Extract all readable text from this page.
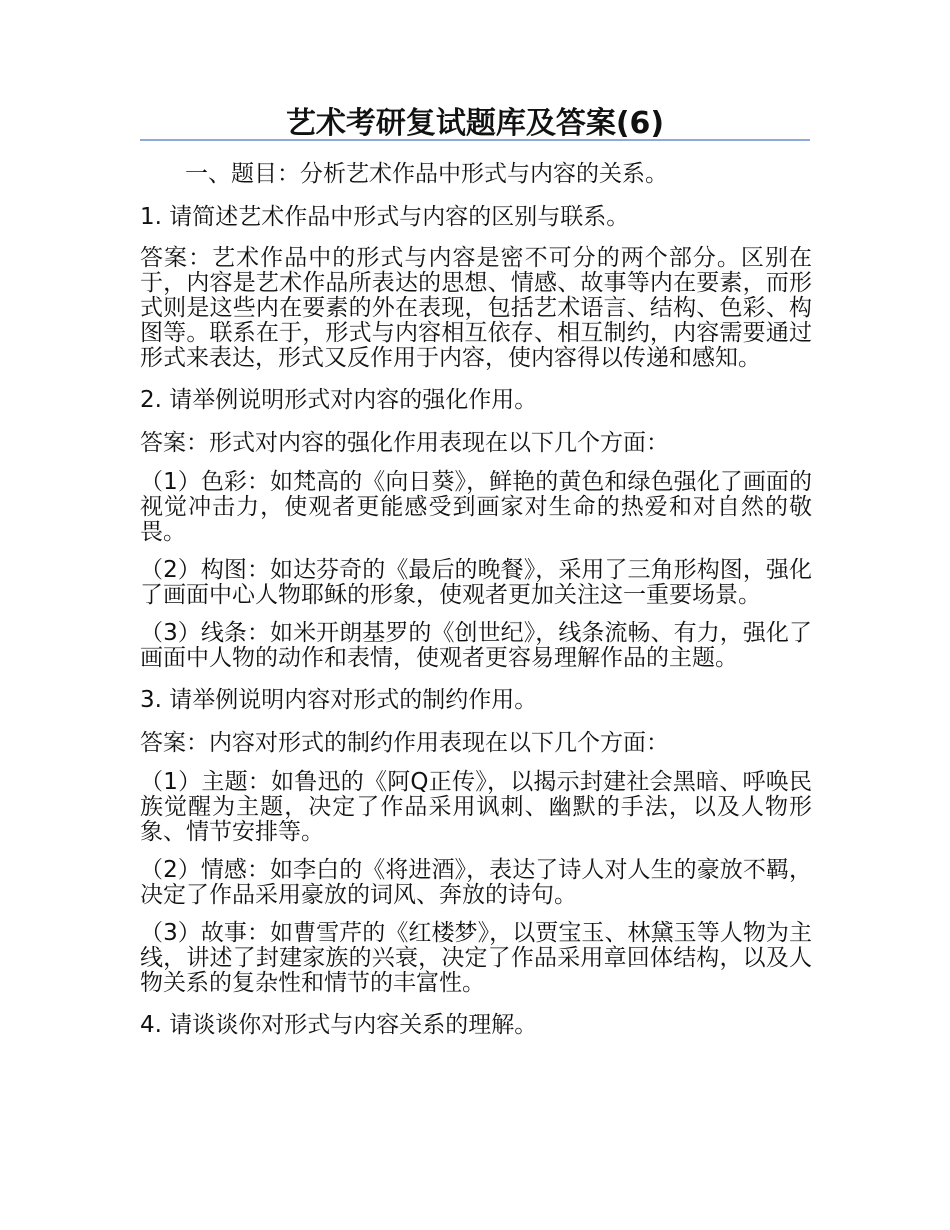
艺术考研复试题库及答案(6)

一、题目：分析艺术作品中形式与内容的关系。

1. 请简述艺术作品中形式与内容的区别与联系。

答案：艺术作品中的形式与内容是密不可分的两个部分。区别在于，内容是艺术作品所表达的思想、情感、故事等内在要素，而形式则是这些内在要素的外在表现，包括艺术语言、结构、色彩、构图等。联系在于，形式与内容相互依存、相互制约，内容需要通过形式来表达，形式又反作用于内容，使内容得以传递和感知。

2. 请举例说明形式对内容的强化作用。

答案：形式对内容的强化作用表现在以下几个方面：

（1）色彩：如梵高的《向日葵》，鲜艳的黄色和绿色强化了画面的视觉冲击力，使观者更能感受到画家对生命的热爱和对自然的敬畏。

（2）构图：如达芬奇的《最后的晚餐》，采用了三角形构图，强化了画面中心人物耶稣的形象，使观者更加关注这一重要场景。

（3）线条：如米开朗基罗的《创世纪》，线条流畅、有力，强化了画面中人物的动作和表情，使观者更容易理解作品的主题。

3. 请举例说明内容对形式的制约作用。

答案：内容对形式的制约作用表现在以下几个方面：

（1）主题：如鲁迅的《阿Q正传》，以揭示封建社会黑暗、呼唤民族觉醒为主题，决定了作品采用讽刺、幽默的手法，以及人物形象、情节安排等。

（2）情感：如李白的《将进酒》，表达了诗人对人生的豪放不羁，决定了作品采用豪放的词风、奔放的诗句。

（3）故事：如曹雪芹的《红楼梦》，以贾宝玉、林黛玉等人物为主线，讲述了封建家族的兴衰，决定了作品采用章回体结构，以及人物关系的复杂性和情节的丰富性。

4. 请谈谈你对形式与内容关系的理解。
